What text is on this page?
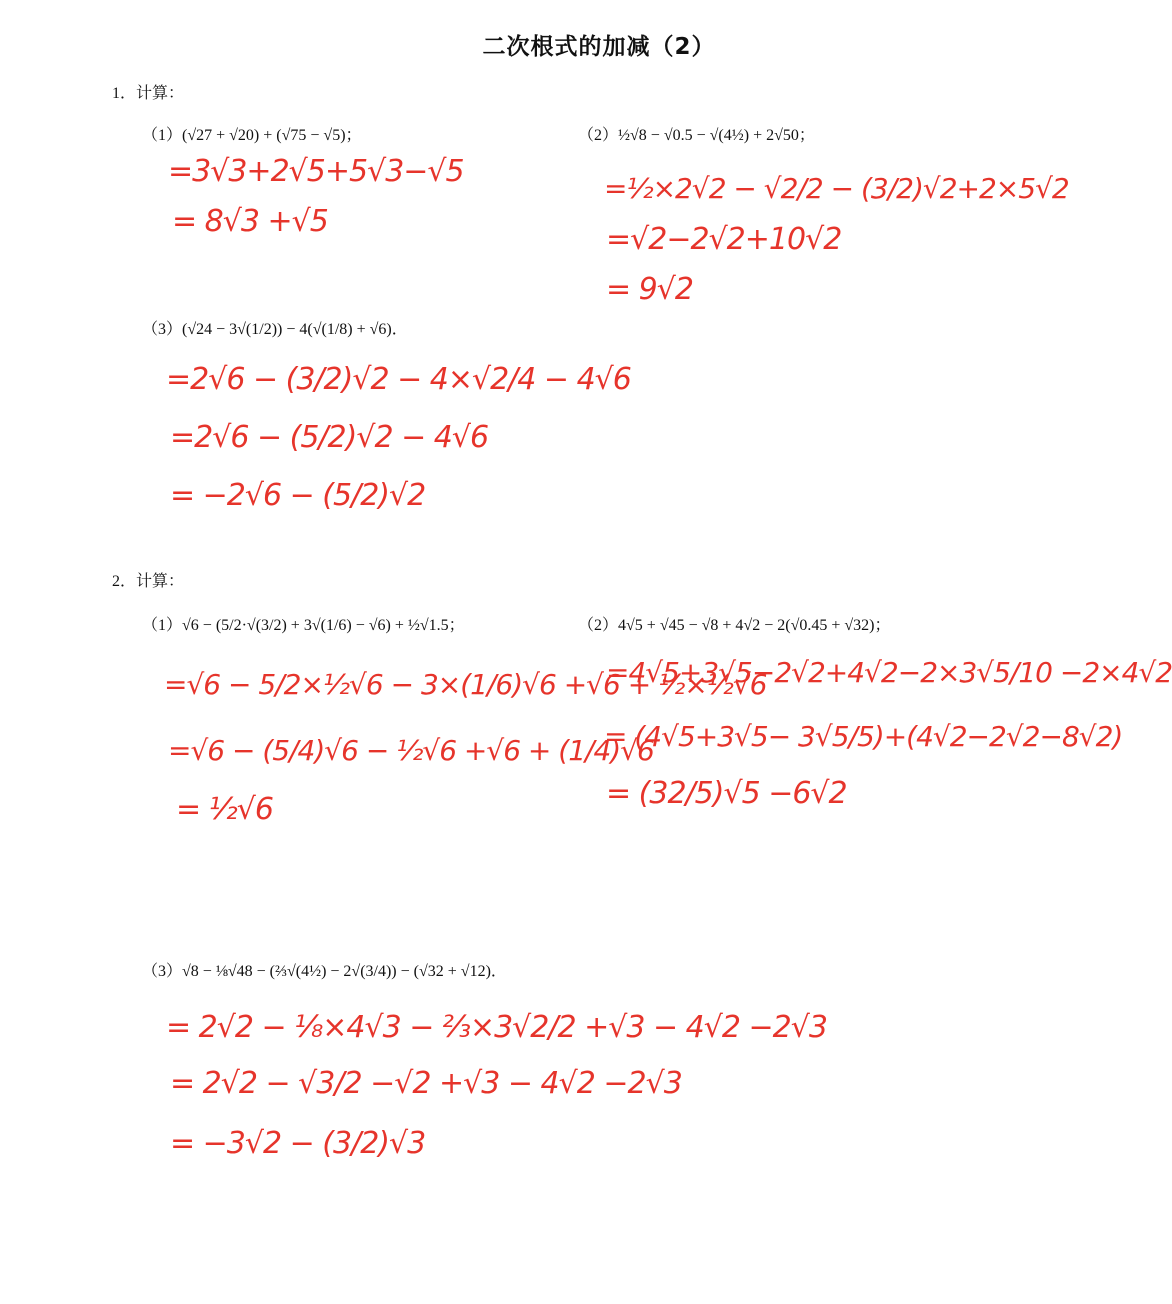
二次根式的加减（2）
1．计算：
（1）(√27 + √20) + (√75 − √5)；
=3√3+2√5+5√3−√5
= 8√3 +√5
（2）½√8 − √0.5 − √(4½) + 2√50；
=½×2√2 − √2/2 − (3/2)√2+2×5√2
=√2−2√2+10√2
= 9√2
（3）(√24 − 3√(1/2)) − 4(√(1/8) + √6)．
=2√6 − (3/2)√2 − 4×√2/4 − 4√6
=2√6 − (5/2)√2 − 4√6
= −2√6 − (5/2)√2
2．计算：
（1）√6 − (5/2·√(3/2) + 3√(1/6) − √6) + ½√1.5；
=√6 − 5/2×½√6 − 3×(1/6)√6 +√6 + ½×½√6
=√6 − (5/4)√6 − ½√6 +√6 + (1/4)√6
= ½√6
（2）4√5 + √45 − √8 + 4√2 − 2(√0.45 + √32)；
=4√5+3√5−2√2+4√2−2×3√5/10 −2×4√2
= (4√5+3√5− 3√5/5)+(4√2−2√2−8√2)
= (32/5)√5 −6√2
（3）√8 − ⅛√48 − (⅔√(4½) − 2√(3/4)) − (√32 + √12)．
= 2√2 − ⅛×4√3 − ⅔×3√2/2 +√3 − 4√2 −2√3
= 2√2 − √3/2 −√2 +√3 − 4√2 −2√3
= −3√2 − (3/2)√3
